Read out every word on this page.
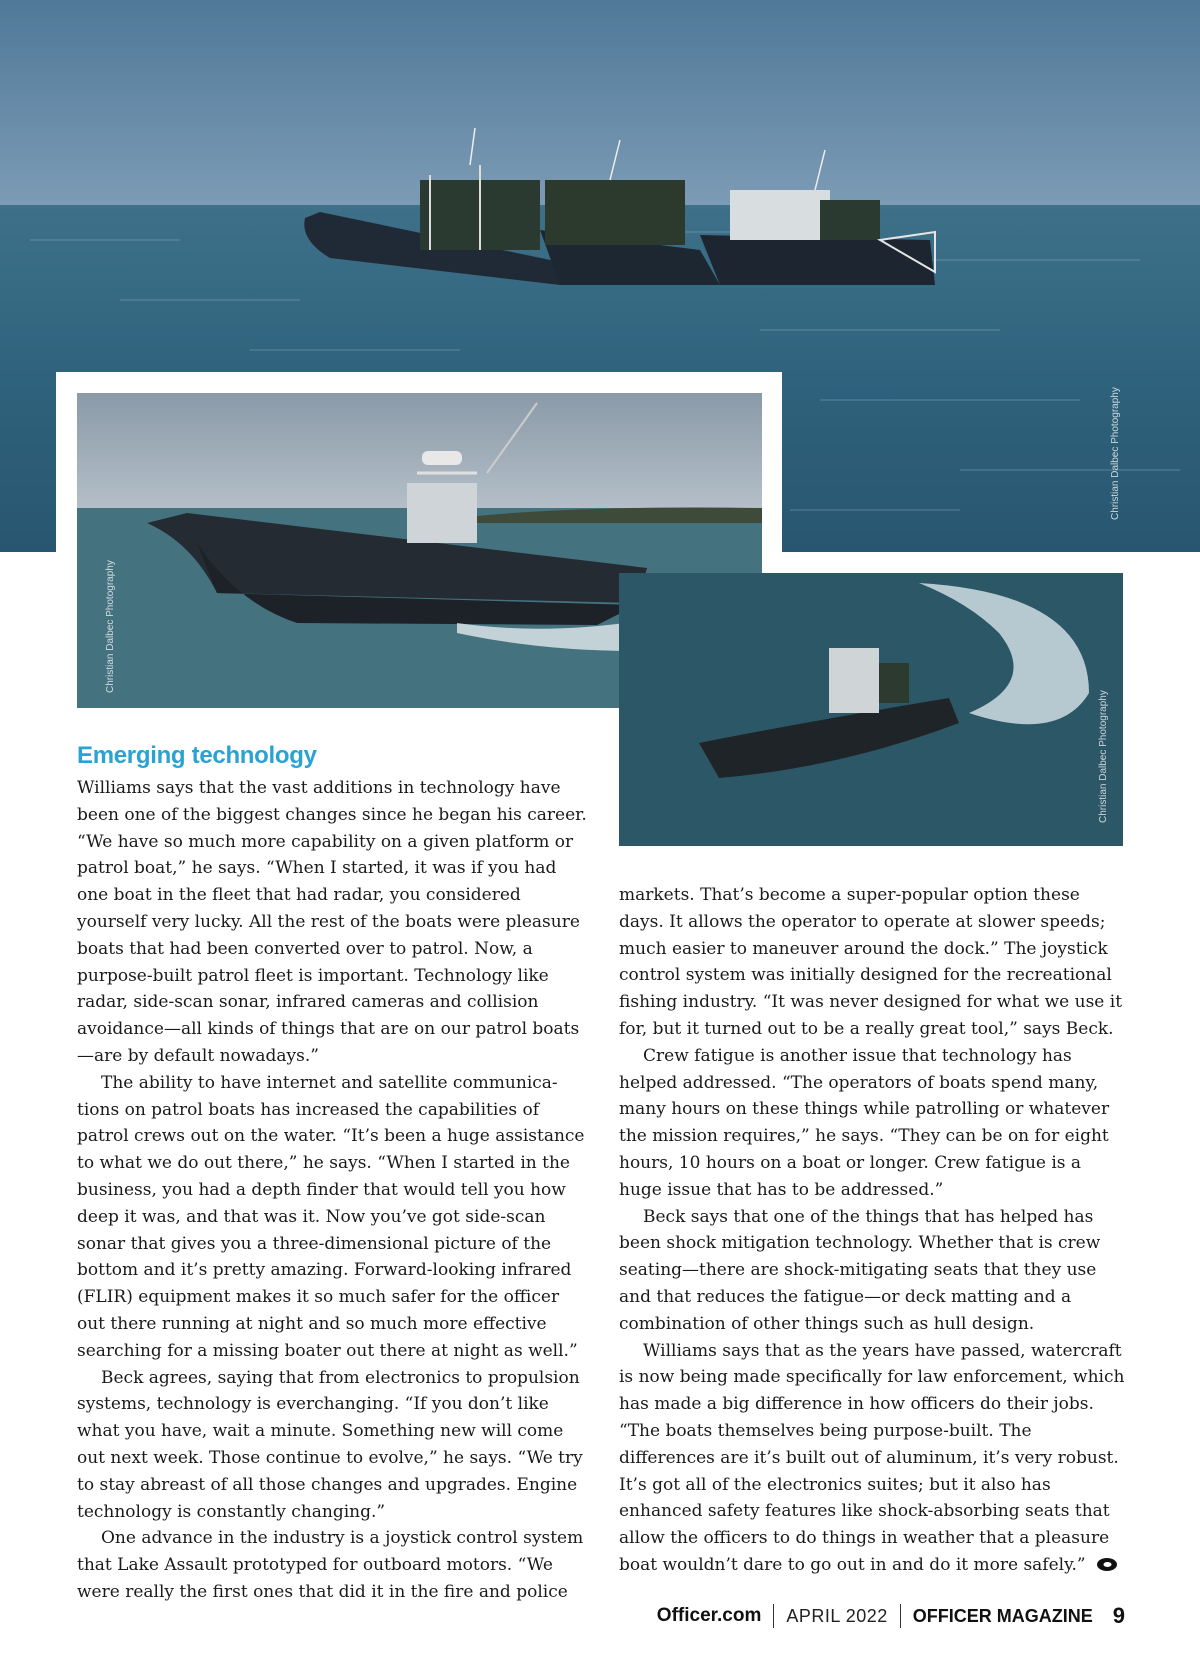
Christian Dalbec Photography
Christian Dalbec Photography
Christian Dalbec Photography
Emerging technology

Williams says that the vast additions in technology have been one of the biggest changes since he began his career. “We have so much more capability on a given platform or patrol boat,” he says. “When I started, it was if you had one boat in the fleet that had radar, you considered yourself very lucky. All the rest of the boats were pleasure boats that had been converted over to patrol. Now, a purpose-built patrol fleet is important. Technology like radar, side-scan sonar, infrared cameras and collision avoidance—all kinds of things that are on our patrol boats—are by default nowadays.”

The ability to have internet and satellite communications on patrol boats has increased the capabilities of patrol crews out on the water. “It’s been a huge assistance to what we do out there,” he says. “When I started in the business, you had a depth finder that would tell you how deep it was, and that was it. Now you’ve got side-scan sonar that gives you a three-dimensional picture of the bottom and it’s pretty amazing. Forward-looking infrared (FLIR) equipment makes it so much safer for the officer out there running at night and so much more effective searching for a missing boater out there at night as well.”

Beck agrees, saying that from electronics to propulsion systems, technology is everchanging. “If you don’t like what you have, wait a minute. Something new will come out next week. Those continue to evolve,” he says. “We try to stay abreast of all those changes and upgrades. Engine technology is constantly changing.”

One advance in the industry is a joystick control system that Lake Assault prototyped for outboard motors. “We were really the first ones that did it in the fire and police

markets. That’s become a super-popular option these days. It allows the operator to operate at slower speeds; much easier to maneuver around the dock.” The joystick control system was initially designed for the recreational fishing industry. “It was never designed for what we use it for, but it turned out to be a really great tool,” says Beck.

Crew fatigue is another issue that technology has helped addressed. “The operators of boats spend many, many hours on these things while patrolling or whatever the mission requires,” he says. “They can be on for eight hours, 10 hours on a boat or longer. Crew fatigue is a huge issue that has to be addressed.”

Beck says that one of the things that has helped has been shock mitigation technology. Whether that is crew seating—there are shock-mitigating seats that they use and that reduces the fatigue—or deck matting and a combination of other things such as hull design.

Williams says that as the years have passed, watercraft is now being made specifically for law enforcement, which has made a big difference in how officers do their jobs. “The boats themselves being purpose-built. The differences are it’s built out of aluminum, it’s very robust. It’s got all of the electronics suites; but it also has enhanced safety features like shock-absorbing seats that allow the officers to do things in weather that a pleasure boat wouldn’t dare to go out in and do it more safely.”

Officer.com APRIL 2022 OFFICER MAGAZINE 9
